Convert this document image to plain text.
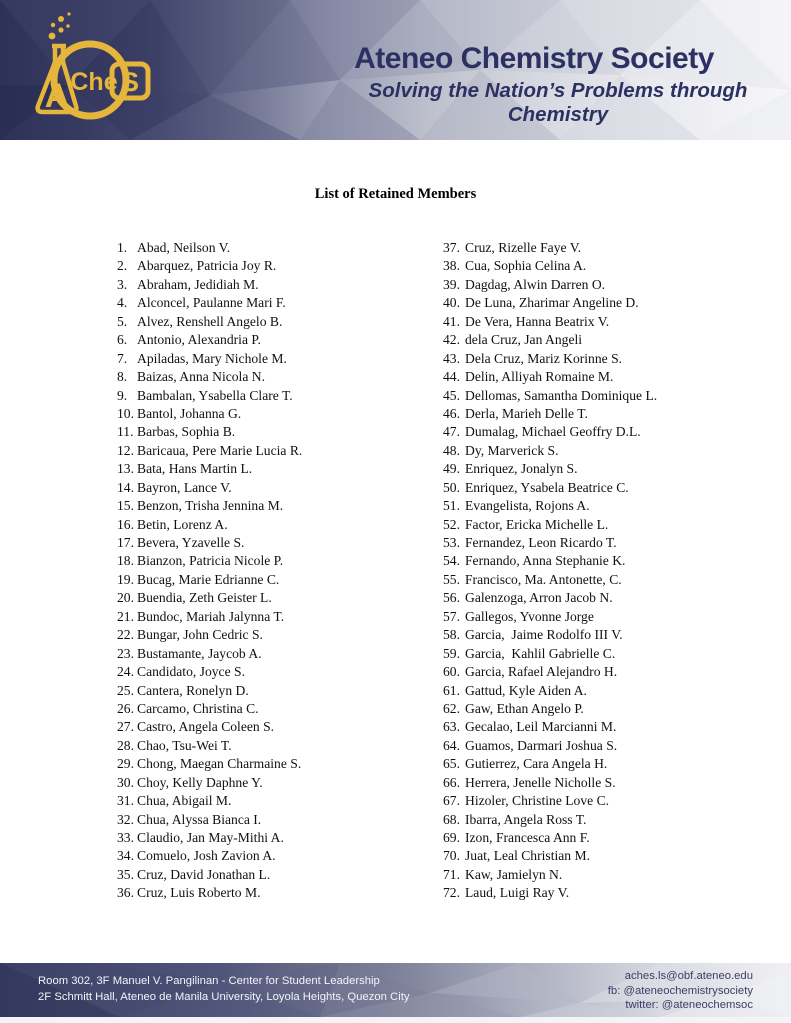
A Che S
Ateneo Chemistry Society
Solving the Nation’s Problems through Chemistry
List of Retained Members
1. Abad, Neilson V.
2. Abarquez, Patricia Joy R.
3. Abraham, Jedidiah M.
4. Alconcel, Paulanne Mari F.
5. Alvez, Renshell Angelo B.
6. Antonio, Alexandria P.
7. Apiladas, Mary Nichole M.
8. Baizas, Anna Nicola N.
9. Bambalan, Ysabella Clare T.
10. Bantol, Johanna G.
11. Barbas, Sophia B.
12. Baricaua, Pere Marie Lucia R.
13. Bata, Hans Martin L.
14. Bayron, Lance V.
15. Benzon, Trisha Jennina M.
16. Betin, Lorenz A.
17. Bevera, Yzavelle S.
18. Bianzon, Patricia Nicole P.
19. Bucag, Marie Edrianne C.
20. Buendia, Zeth Geister L.
21. Bundoc, Mariah Jalynna T.
22. Bungar, John Cedric S.
23. Bustamante, Jaycob A.
24. Candidato, Joyce S.
25. Cantera, Ronelyn D.
26. Carcamo, Christina C.
27. Castro, Angela Coleen S.
28. Chao, Tsu-Wei T.
29. Chong, Maegan Charmaine S.
30. Choy, Kelly Daphne Y.
31. Chua, Abigail M.
32. Chua, Alyssa Bianca I.
33. Claudio, Jan May-Mithi A.
34. Comuelo, Josh Zavion A.
35. Cruz, David Jonathan L.
36. Cruz, Luis Roberto M.
37. Cruz, Rizelle Faye V.
38. Cua, Sophia Celina A.
39. Dagdag, Alwin Darren O.
40. De Luna, Zharimar Angeline D.
41. De Vera, Hanna Beatrix V.
42. dela Cruz, Jan Angeli
43. Dela Cruz, Mariz Korinne S.
44. Delin, Alliyah Romaine M.
45. Dellomas, Samantha Dominique L.
46. Derla, Marieh Delle T.
47. Dumalag, Michael Geoffry D.L.
48. Dy, Marverick S.
49. Enriquez, Jonalyn S.
50. Enriquez, Ysabela Beatrice C.
51. Evangelista, Rojons A.
52. Factor, Ericka Michelle L.
53. Fernandez, Leon Ricardo T.
54. Fernando, Anna Stephanie K.
55. Francisco, Ma. Antonette, C.
56. Galenzoga, Arron Jacob N.
57. Gallegos, Yvonne Jorge
58. Garcia,  Jaime Rodolfo III V.
59. Garcia,  Kahlil Gabrielle C.
60. Garcia, Rafael Alejandro H.
61. Gattud, Kyle Aiden A.
62. Gaw, Ethan Angelo P.
63. Gecalao, Leil Marcianni M.
64. Guamos, Darmari Joshua S.
65. Gutierrez, Cara Angela H.
66. Herrera, Jenelle Nicholle S.
67. Hizoler, Christine Love C.
68. Ibarra, Angela Ross T.
69. Izon, Francesca Ann F.
70. Juat, Leal Christian M.
71. Kaw, Jamielyn N.
72. Laud, Luigi Ray V.
Room 302, 3F Manuel V. Pangilinan - Center for Student Leadership
2F Schmitt Hall, Ateneo de Manila University, Loyola Heights, Quezon City
aches.ls@obf.ateneo.edu
fb: @ateneochemistrysociety
twitter: @ateneochemsoc
